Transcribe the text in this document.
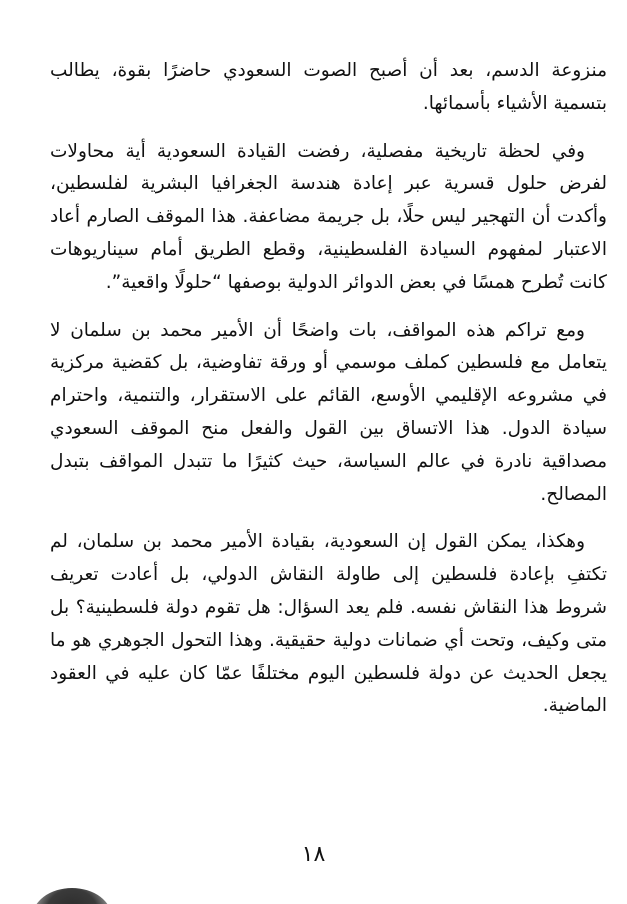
منزوعة الدسم، بعد أن أصبح الصوت السعودي حاضرًا بقوة، يطالب بتسمية الأشياء بأسمائها.

وفي لحظة تاريخية مفصلية، رفضت القيادة السعودية أية محاولات لفرض حلول قسرية عبر إعادة هندسة الجغرافيا البشرية لفلسطين، وأكدت أن التهجير ليس حلًا، بل جريمة مضاعفة. هذا الموقف الصارم أعاد الاعتبار لمفهوم السيادة الفلسطينية، وقطع الطريق أمام سيناريوهات كانت تُطرح همسًا في بعض الدوائر الدولية بوصفها “حلولًا واقعية”.

ومع تراكم هذه المواقف، بات واضحًا أن الأمير محمد بن سلمان لا يتعامل مع فلسطين كملف موسمي أو ورقة تفاوضية، بل كقضية مركزية في مشروعه الإقليمي الأوسع، القائم على الاستقرار، والتنمية، واحترام سيادة الدول. هذا الاتساق بين القول والفعل منح الموقف السعودي مصداقية نادرة في عالم السياسة، حيث كثيرًا ما تتبدل المواقف بتبدل المصالح.

وهكذا، يمكن القول إن السعودية، بقيادة الأمير محمد بن سلمان، لم تكتفِ بإعادة فلسطين إلى طاولة النقاش الدولي، بل أعادت تعريف شروط هذا النقاش نفسه. فلم يعد السؤال: هل تقوم دولة فلسطينية؟ بل متى وكيف، وتحت أي ضمانات دولية حقيقية. وهذا التحول الجوهري هو ما يجعل الحديث عن دولة فلسطين اليوم مختلفًا عمّا كان عليه في العقود الماضية.

١٨
